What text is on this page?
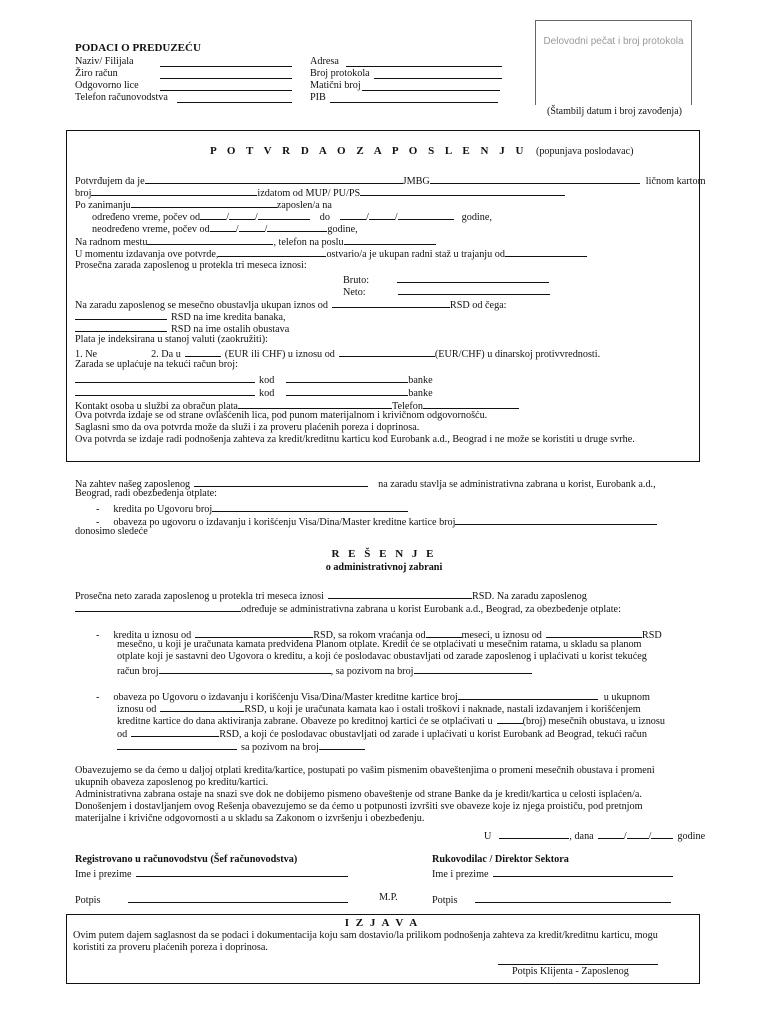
PODACI O PREDUZEĆU
Naziv/ Filijala
Žiro račun
Odgovorno lice
Telefon računovodstva
Adresa
Broj protokola
Matični broj
PIB
Delovodni pečat i broj protokola
(Štambilj datum i broj zavođenja)
P O T V R D A O Z A P O S L E N J U (popunjava poslodavac)
Potvrđujem da je	JMBG	ličnom kartom
broj	izdatom od MUP/ PU/PS
Po zanimanju	zaposlen/a na
određeno vreme, počev od	/	/	do	/	/	godine,
neodređeno vreme, počev od	/	/	godine,
Na radnom mestu	, telefon na poslu
U momentu izdavanja ove potvrde,	ostvario/a je ukupan radni staž u trajanju od
Prosečna zarada zaposlenog u protekla tri meseca iznosi:
Bruto:
Neto:
Na zaradu zaposlenog se mesečno obustavlja ukupan iznos od	RSD od čega:
RSD na ime kredita banaka,
RSD na ime ostalih obustava
Plata je indeksirana u stanoj valuti (zaokružiti):
1. Ne	2. Da u	(EUR ili CHF) u iznosu od	(EUR/CHF) u dinarskoj protivvrednosti.
Zarada se uplaćuje na tekući račun broj:
kod	banke
kod	banke
Kontakt osoba u službi za obračun plata	Telefon
Ova potvrda izdaje se od strane ovlašćenih lica, pod punom materijalnom i krivičnom odgovornošću.
Saglasni smo da ova potvrda može da služi i za proveru plaćenih poreza i doprinosa.
Ova potvrda se izdaje radi podnošenja zahteva za kredit/kreditnu karticu kod Eurobank a.d., Beograd i ne može se koristiti u druge svrhe.
Na zahtev našeg zaposlenog	na zaradu stavlja se administrativna zabrana u korist, Eurobank a.d.,
Beograd, radi obezbeđenja otplate:
- kredita po Ugovoru broj
- obaveza po ugovoru o izdavanju i korišćenju Visa/Dina/Master kreditne kartice broj
donosimo sledeće
R E Š E N J E
o administrativnoj zabrani
Prosečna neto zarada zaposlenog u protekla tri meseca iznosi	RSD. Na zaradu zaposlenog
određuje se administrativna zabrana u korist Eurobank a.d., Beograd, za obezbeđenje otplate:
- kredita u iznosu od	RSD, sa rokom vraćanja od	meseci, u iznosu od	RSD
mesečno, u koji je uračunata kamata predviđena Planom otplate. Kredit će se otplaćivati u mesečnim ratama, u skladu sa planom
otplate koji je sastavni deo Ugovora o kreditu, a koji će poslodavac obustavljati od zarade zaposlenog i uplaćivati u korist tekućeg
račun broj	, sa pozivom na broj
- obaveza po Ugovoru o izdavanju i korišćenju Visa/Dina/Master kreditne kartice broj	u ukupnom
iznosu od	RSD, u koji je uračunata kamata kao i ostali troškovi i naknade, nastali izdavanjem i korišćenjem
kreditne kartice do dana aktiviranja zabrane. Obaveze po kreditnoj kartici će se otplaćivati u	(broj) mesečnih obustava, u iznosu
od	RSD, a koji će poslodavac obustavljati od zarade i uplaćivati u korist Eurobank ad Beograd, tekući račun
sa pozivom na broj
Obavezujemo se da ćemo u daljoj otplati kredita/kartice, postupati po vašim pismenim obaveštenjima o promeni mesečnih obustava i promeni
ukupnih obaveza zaposlenog po kreditu/kartici.
Administrativna zabrana ostaje na snazi sve dok ne dobijemo pismeno obaveštenje od strane Banke da je kredit/kartica u celosti isplaćen/a.
Donošenjem i dostavljanjem ovog Rešenja obavezujemo se da ćemo u potpunosti izvršiti sve obaveze koje iz njega proističu, pod pretnjom
materijalne i krivične odgovornosti a u skladu sa Zakonom o izvršenju i obezbeđenju.
U	, dana	/ /	godine
Registrovano u računovodstvu (Šef računovodstva)
Ime i prezime
Rukovodilac / Direktor Sektora
Ime i prezime
Potpis	M.P.	Potpis
I Z J A V A
Ovim putem dajem saglasnost da se podaci i dokumentacija koju sam dostavio/la prilikom podnošenja zahteva za kredit/kreditnu karticu, mogu
koristiti za proveru plaćenih poreza i doprinosa.
Potpis Klijenta - Zaposlenog
